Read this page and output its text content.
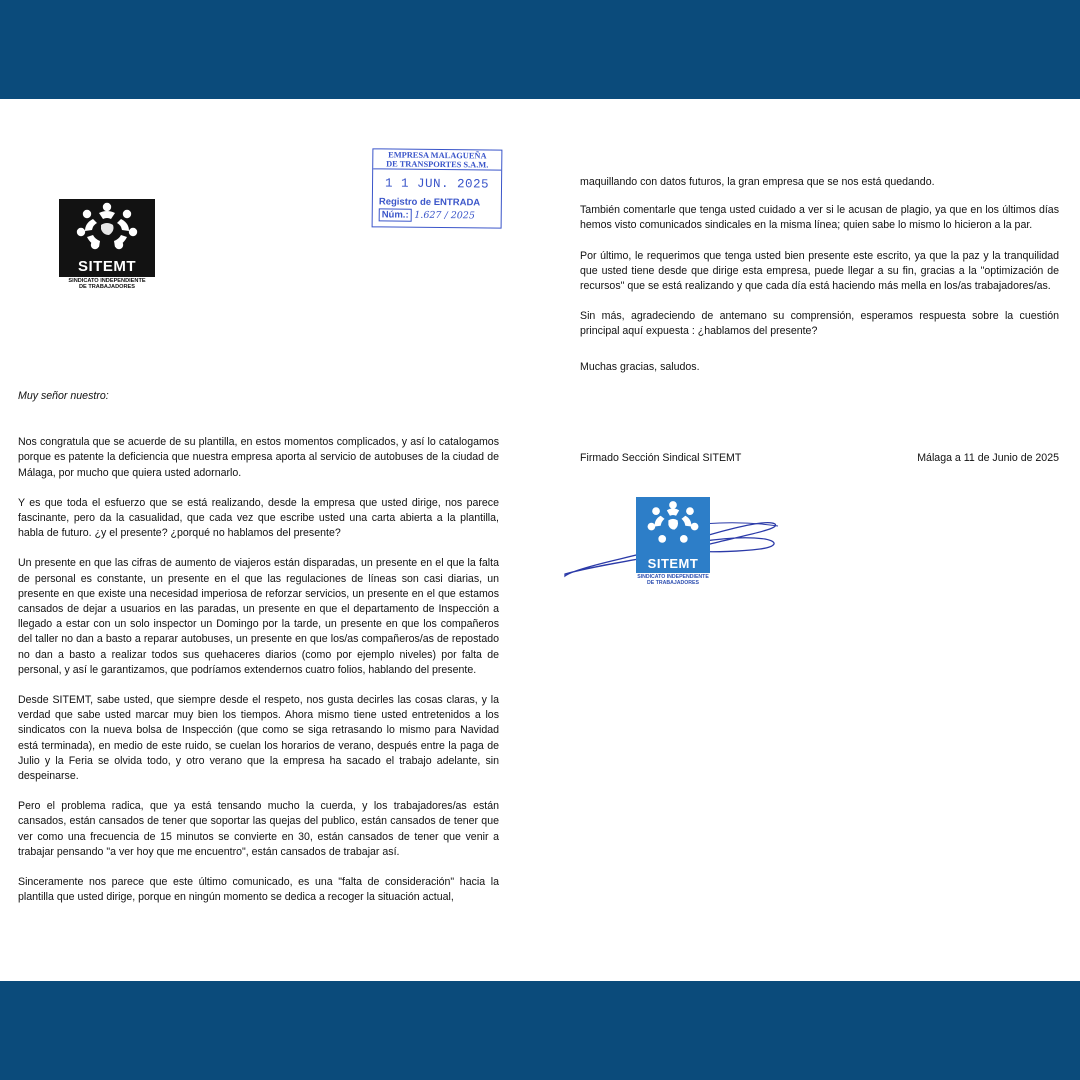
SITEMT
SINDICATO INDEPENDIENTE
DE TRABAJADORES
EMPRESA MALAGUEÑA
DE TRANSPORTES S.A.M.
1 1 JUN. 2025
Registro de ENTRADA
Núm.: 1.627 / 2025

Muy señor nuestro:

Nos congratula que se acuerde de su plantilla, en estos momentos complicados, y así lo catalogamos porque es patente la deficiencia que nuestra empresa aporta al servicio de autobuses de la ciudad de Málaga, por mucho que quiera usted adornarlo.

Y es que toda el esfuerzo que se está realizando, desde la empresa que usted dirige, nos parece fascinante, pero da la casualidad, que cada vez que escribe usted una carta abierta a la plantilla, habla de futuro. ¿y el presente? ¿porqué no hablamos del presente?

Un presente en que las cifras de aumento de viajeros están disparadas, un presente en el que la falta de personal es constante, un presente en el que las regulaciones de líneas son casi diarias, un presente en que existe una necesidad imperiosa de reforzar servicios, un presente en el que estamos cansados de dejar a usuarios en las paradas, un presente en que el departamento de Inspección a llegado a estar con un solo inspector un Domingo por la tarde, un presente en que los compañeros del taller no dan a basto a reparar autobuses, un presente en que los/as compañeros/as de repostado no dan a basto a realizar todos sus quehaceres diarios (como por ejemplo niveles) por falta de personal, y así le garantizamos, que podríamos extendernos cuatro folios, hablando del presente.

Desde SITEMT, sabe usted, que siempre desde el respeto, nos gusta decirles las cosas claras, y la verdad que sabe usted marcar muy bien los tiempos. Ahora mismo tiene usted entretenidos a los sindicatos con la nueva bolsa de Inspección (que como se siga retrasando lo mismo para Navidad está terminada), en medio de este ruido, se cuelan los horarios de verano, después entre la paga de Julio y la Feria se olvida todo, y otro verano que la empresa ha sacado el trabajo adelante, sin despeinarse.

Pero el problema radica, que ya está tensando mucho la cuerda, y los trabajadores/as están cansados, están cansados de tener que soportar las quejas del publico, están cansados de tener que ver como una frecuencia de 15 minutos se convierte en 30, están cansados de tener que venir a trabajar pensando "a ver hoy que me encuentro", están cansados de trabajar así.

Sinceramente nos parece que este último comunicado, es una "falta de consideración" hacia la plantilla que usted dirige, porque en ningún momento se dedica a recoger la situación actual,

maquillando con datos futuros, la gran empresa que se nos está quedando.

También comentarle que tenga usted cuidado a ver si le acusan de plagio, ya que en los últimos días hemos visto comunicados sindicales en la misma línea; quien sabe lo mismo lo hicieron a la par.

Por último, le requerimos que tenga usted bien presente este escrito, ya que la paz y la tranquilidad que usted tiene desde que dirige esta empresa, puede llegar a su fin, gracias a la "optimización de recursos" que se está realizando y que cada día está haciendo más mella en los/as trabajadores/as.

Sin más, agradeciendo de antemano su comprensión, esperamos respuesta sobre la cuestión principal aquí expuesta : ¿hablamos del presente?

Muchas gracias, saludos.

Firmado Sección Sindical SITEMT	Málaga a 11 de Junio de 2025
SITEMT
SINDICATO INDEPENDIENTE
DE TRABAJADORES
